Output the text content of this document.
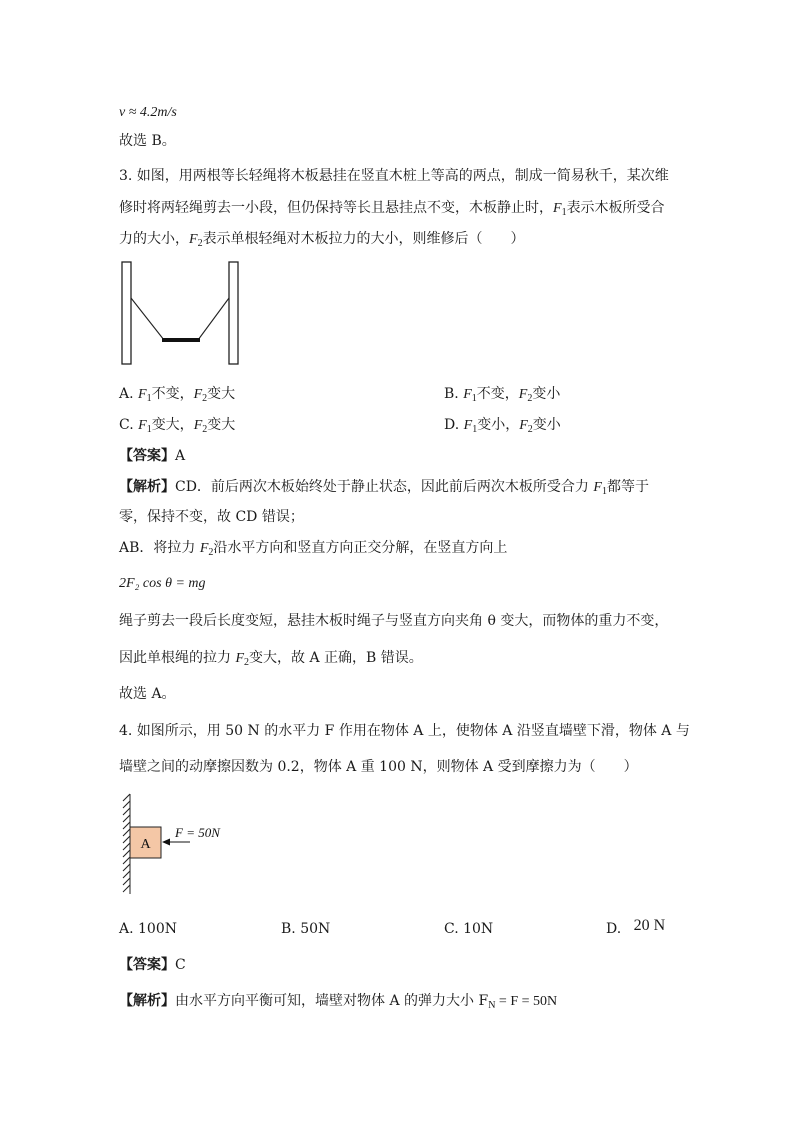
v ≈ 4.2m/s
故选 B。
3. 如图，用两根等长轻绳将木板悬挂在竖直木桩上等高的两点，制成一简易秋千，某次维
修时将两轻绳剪去一小段，但仍保持等长且悬挂点不变，木板静止时，$F_1$表示木板所受合
力的大小，$F_2$表示单根轻绳对木板拉力的大小，则维修后（　　）
A. $F_1$不变，$F_2$变大	B. $F_1$不变，$F_2$变小
C. $F_1$变大，$F_2$变大	D. $F_1$变小，$F_2$变小
【答案】A
【解析】CD．前后两次木板始终处于静止状态，因此前后两次木板所受合力 $F_1$都等于
零，保持不变，故 CD 错误；
AB．将拉力 $F_2$沿水平方向和竖直方向正交分解，在竖直方向上
2F₂ cos θ = mg
绳子剪去一段后长度变短，悬挂木板时绳子与竖直方向夹角 θ 变大，而物体的重力不变，
因此单根绳的拉力 $F_2$变大，故 A 正确，B 错误。
故选 A。
4. 如图所示，用 50 N 的水平力 F 作用在物体 A 上，使物体 A 沿竖直墙壁下滑，物体 A 与
墙壁之间的动摩擦因数为 0.2，物体 A 重 100 N，则物体 A 受到摩擦力为（　　）
A
F = 50N
A. 100N	B. 50N	C. 10N	D. 20 N
【答案】C
【解析】由水平方向平衡可知，墙壁对物体 A 的弹力大小 $F_N = F = 50N$
